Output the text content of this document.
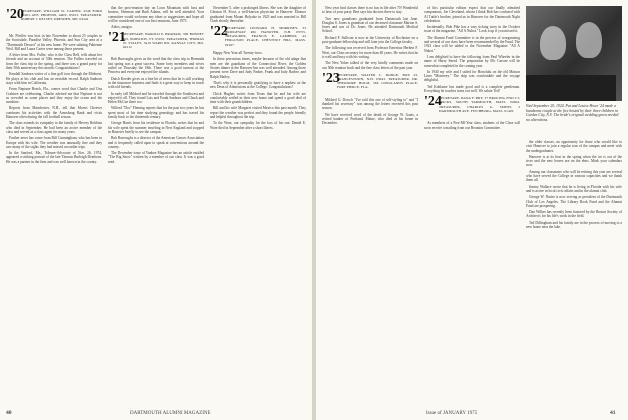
'20
SECRETARY, WILLIAM W. CARTER, 2546 FORD BOUL AVE, PHOENIX, ARIZ. 85013. TREASURER, ROBERT J. KELSEY, DRESDEN, ME. 04342

Mr. Pfeiffer was host in late November to about 25 couples in the Scottsdale, Paradise Valley, Phoenix, and Sun City area at a "Dartmouth Dessert" at his new home. We were saluting Fabienne Weil. Bill and Laura Carter were among those present.

A letter from Mrs. Fuller, who is the Class Bell, tells about her friends and an account of 50th reunion. The Fullers traveled on from the class trip in the spring, and there was a grand party for their 50th anniversary this month. Congratulations!

Kendall Sanborn writes of a fine golf tour through the Midwest. He plays at his club and has an enviable record. Ralph Sanborn stays with him in California.

From Neptune Beach, Fla., comes word that Charlie and Una Crabtree are celebrating. Charlie advised me that Neptune is not as crowded as some places and they enjoy the ocean and the sunshine.

Reports from Manchester, N.H., tell that Morris Cheever continues his activities with the Amoskeag Bank and visits Hanover often during the fall football season.

The class extends its sympathy to the family of Hervey Robbins who died in September. He had been an active member of the class and served as a class agent for many years.

Further news has come from Bill Cunningham, who has been in Europe with his wife. The weather was unusually fine and they saw many of the sights they had missed on earlier trips.

In the Sanford, Me., Tribune-Advocate of Nov. 26, 1974, appeared a striking portrait of the late Thomas Burleigh Dearborn. He was a partner in the firm and was well known in the county.

that the post-reunion day on Loon Mountain with host and hostess, Sherman and Ruth Adams, will be well attended. Your committee would welcome any ideas or suggestions and hope all will be considered one of our best reunions, June 1975.

Adios, amigos.

'21
SECRETARY, HAROLD P. BRAHAM, 306 BONNET RD, NORWICH, VT. 05055. TREASURER, THOMAS W. STALEY, 5419 WARD RD, KANSAS CITY, MO. 64112

Bob Burroughs gives us the word that the class trip to Bermuda last spring was a great success. Some forty members and wives sailed on Thursday the 18th. There was a good turnout at the Princess and everyone enjoyed the islands.

Dutch Koeder gives us a fine bit of news that he is still working in the insurance business and finds it a great way to keep in touch with old friends.

In early fall Mildred and he traveled through the Southwest and enjoyed it all. They found Lois and Frank Sanborn and Chuck and Helen McCue there too.

Wilfred "Doc" Fleming reports that for the past two years he has spent most of his time studying genealogy and has traced his family back to the thirteenth century.

George Harris from his residence in Florida, writes that he and his wife spent the summer traveling in New England and stopped in Hanover briefly to see the campus.

Bob Burroughs is a director of the American Cancer Association and is frequently called upon to speak at conventions around the country.

The December issue of Yankee Magazine has an article entitled "The Big Snow" written by a member of our class. It was a good read.

November 5, after a prolonged illness. She was the daughter of Gleason H. Frost, a well-known physician in Hanover. Eleanor graduated from Mount Holyoke in 1923 and was married to Bill Clark shortly thereafter.

'22
SECRETARY, LEONARD H. MORRISEY, 33 BRIDGEWAY RD, HANOVER, N.H. 03755. TREASURER, FRANCIS E. LAMBERT, 44 FERGUSON PLACE, CHESTNUT HILL, MASS. 02167

Happy New Year all Twenty-twos.

In these precarious times, maybe because of the old adage that men are the guardians of the Connecticut River, the Golden Sixties dinner at the Hanover Inn was well attended. Among those present were Dave and Judy Parker, Frank and Judy Barber, and Ralph Mailey.

That's why it is personally gratifying to have a nephew as the new Dean of Admissions at the College. Congratulations!

Chick Hughes writes from Texas that he and his wife are comfortably settled in their new home and spend a good deal of time with their grandchildren.

Bill and his wife Margaret visited Mexico this past month. They report the weather was perfect and they found the people friendly and helpful throughout the trip.

To the Ware, our sympathy for the loss of his son. Daniel E. Ware died in September after a short illness.

40	DARTMOUTH ALUMNI MAGAZINE

New year find classes there is no fun in life after 70! Wonderful to hear of your party. Bert says bin doctors there to stay.

Two new grandsons graduated from Dartmouth last June. Douglas S. Jones is grandson of our deceased classmate Marion S. Jones and son of Dr. Jones. He attended Dartmouth Medical School.

Richard F. Sullivan is now at the University of Rochester on a post-graduate fellowship and will later join the College faculty.

The following was received from Professor Emeritus Herbert F. West, our Class secretary for more than 40 years. He writes that he is well and busy with his writing.

The New Yoker talked of the very kindly comments made on our 50th reunion book and the fine class letters of the past year.

'23
SECRETARY, WALTER C. DODGE, BOX 23, FRANCESTOWN, N.H. 03043. TREASURER, DR. THEODORE HOLM, 566 LONGLANDS PLACE, FORT PIERCE, FLA.

Mildred G. Dorsch "I've told this one of self-styling to" and "I thanked his secretary" was among the letters received this past season.

We have received word of the death of George W. Gates, a retired banker of Portland, Maine, who died at his home in December.

of this particular edition expect that our finally admitted companions, Joe Cleveland, whom I think Bob has confused with Al Tuttle's brother, joined us in Hanover for the Dartmouth Night celebration.

Incidentally, Bob Pike has a vary ticking story in the October issue of the magazine, "All A Nuhot." Look it up if you missed it.

The Alumni Fund Committee is in the process of reorganizing and several of our class have been recommended by the Fund. The 1923 class will be added to the November Magazine "All A Nuhot."

I am delighted to have the following from Paul Wheeler in the name of Harry Snerd. The preparation by Mr. Carson will be somewhat completed in the coming year.

In 1940 my wife and I sailed for Honolulu on the old Matson Liner "Monterey." The ship was comfortable and the voyage delightful.

Ted Kohlaase has made good and is a complete gentleman. Everything he touches turns out well. We salute Ted!

'24
SECRETARY, DANA F. BRY, 37 BROCING END CT, STICKS, SOUTH YARMOUTH, MASS. 02664. TREASURER, CHARLES G. SMITH, 2 DARTMOUTH AVE, FITCHBURG, MASS. 01420

As members of a Post-Ml-Year class, students of the Class will soon receive a mailing from our Reunion Committee.

the older classes, an opportunity for those who would like to visit Hanover to join a regular tour of the campus and meet with the undergraduates.

Hanover is at its best in the spring when the ice is out of the river and the new leaves are on the elms. Mark your calendars now.

Among our classmates who will be retiring this year are several who have served the College in various capacities and we thank them all.

Jimmy Wallace wrote that he is living in Florida with his wife and is active in local civic affairs and in the alumni club.

George W. Nutter is now serving as president of the Dartmouth Club of Los Angeles. The Library Book Fund and the Alumni Fund are prospering.

Dan Wilber has recently been honored by the Boston Society of Architects for his life's work in the field.

Ted Dillingham and his family are in the process of moving to a new home near the lake.

Wed September 20, 1924. Pat and Louise Howe '24 made a handsome couple at the five hosted by their three children in Garden City, N.Y. The bride's original wedding gown needed no alterations.
Issue of JANUARY 1975	41
